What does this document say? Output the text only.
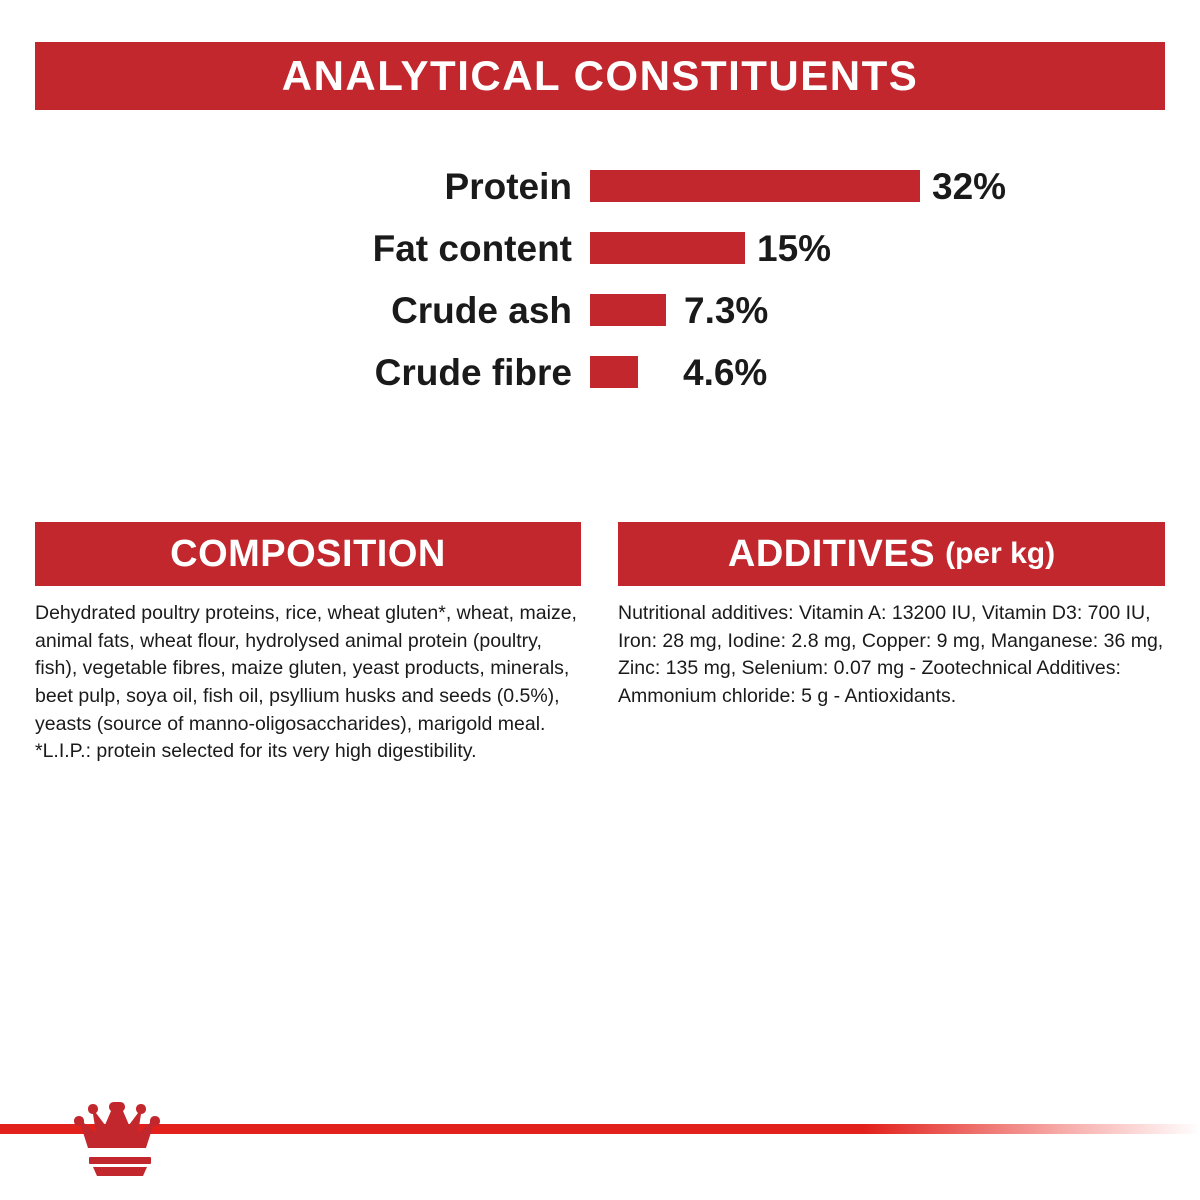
ANALYTICAL CONSTITUENTS
Protein	32%
Fat content	15%
Crude ash	7.3%
Crude fibre	4.6%
COMPOSITION

Dehydrated poultry proteins, rice, wheat gluten*, wheat, maize, animal fats, wheat flour, hydrolysed animal protein (poultry, fish), vegetable fibres, maize gluten, yeast products, minerals, beet pulp, soya oil, fish oil, psyllium husks and seeds (0.5%), yeasts (source of manno-oligosaccharides), marigold meal.

*L.I.P.: protein selected for its very high digestibility.

ADDITIVES (per kg)

Nutritional additives: Vitamin A: 13200 IU, Vitamin D3: 700 IU, Iron: 28 mg, Iodine: 2.8 mg, Copper: 9 mg, Manganese: 36 mg, Zinc: 135 mg, Selenium: 0.07 mg - Zootechnical Additives: Ammonium chloride: 5 g - Antioxidants.
